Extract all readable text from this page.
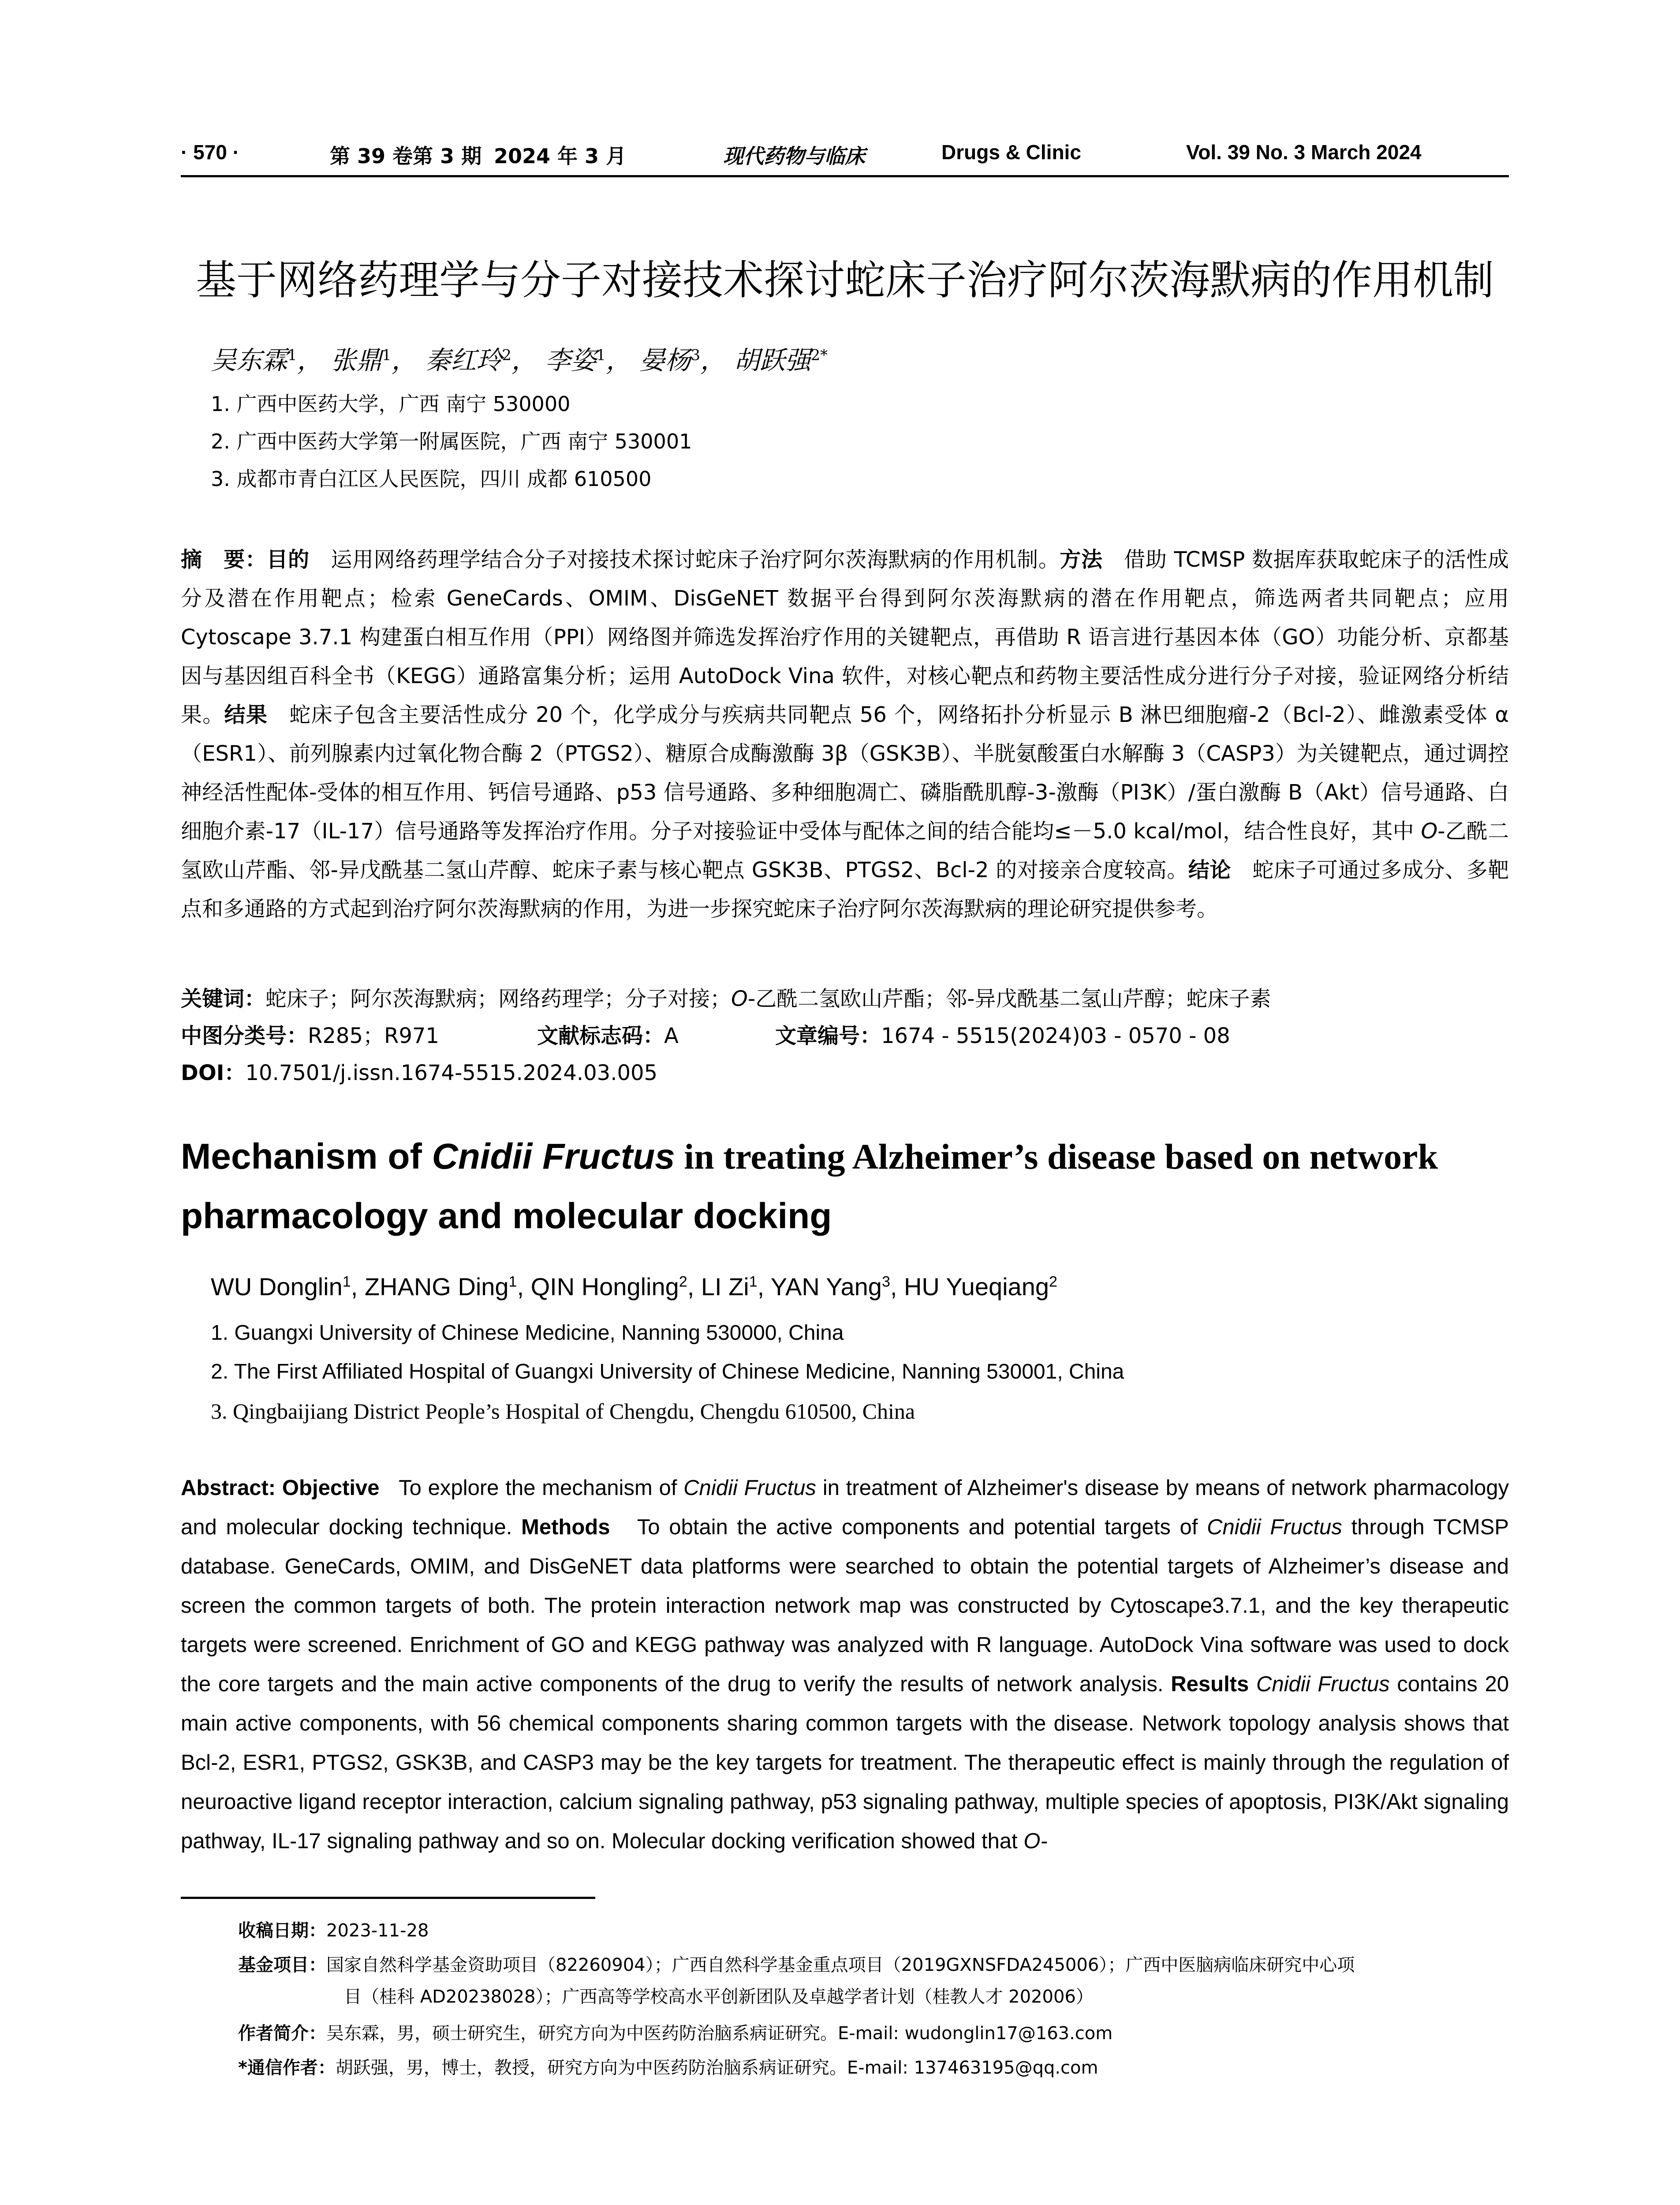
· 570 ·	第 39 卷第 3 期 2024 年 3 月	现代药物与临床	Drugs & Clinic	Vol. 39 No. 3 March 2024
基于网络药理学与分子对接技术探讨蛇床子治疗阿尔茨海默病的作用机制
吴东霖$^1$， 张鼎$^1$， 秦红玲$^2$， 李姿$^1$， 晏杨$^3$， 胡跃强$^{2*}$
1. 广西中医药大学，广西 南宁 530000
2. 广西中医药大学第一附属医院，广西 南宁 530001
3. 成都市青白江区人民医院，四川 成都 610500
摘　要：目的　 运用网络药理学结合分子对接技术探讨蛇床子治疗阿尔茨海默病的作用机制。方法　 借助 TCMSP 数据库获取蛇床子的活性成分及潜在作用靶点；检索 GeneCards、OMIM、DisGeNET 数据平台得到阿尔茨海默病的潜在作用靶点，筛选两者共同靶点；应用 Cytoscape 3.7.1 构建蛋白相互作用（PPI）网络图并筛选发挥治疗作用的关键靶点，再借助 R 语言进行基因本体（GO）功能分析、京都基因与基因组百科全书（KEGG）通路富集分析；运用 AutoDock Vina 软件，对核心靶点和药物主要活性成分进行分子对接，验证网络分析结果。结果　 蛇床子包含主要活性成分 20 个，化学成分与疾病共同靶点 56 个，网络拓扑分析显示 B 淋巴细胞瘤-2（Bcl-2）、雌激素受体 α（ESR1）、前列腺素内过氧化物合酶 2（PTGS2）、糖原合成酶激酶 3β（GSK3B）、半胱氨酸蛋白水解酶 3（CASP3）为关键靶点，通过调控神经活性配体-受体的相互作用、钙信号通路、p53 信号通路、多种细胞凋亡、磷脂酰肌醇-3-激酶（PI3K）/蛋白激酶 B（Akt）信号通路、白细胞介素-17（IL-17）信号通路等发挥治疗作用。分子对接验证中受体与配体之间的结合能均≤－5.0 kcal/mol，结合性良好，其中 O-乙酰二氢欧山芹酯、邻-异戊酰基二氢山芹醇、蛇床子素与核心靶点 GSK3B、PTGS2、Bcl-2 的对接亲合度较高。结论　 蛇床子可通过多成分、多靶点和多通路的方式起到治疗阿尔茨海默病的作用，为进一步探究蛇床子治疗阿尔茨海默病的理论研究提供参考。
关键词：蛇床子；阿尔茨海默病；网络药理学；分子对接；O-乙酰二氢欧山芹酯；邻-异戊酰基二氢山芹醇；蛇床子素
中图分类号：R285；R971	文献标志码：A	文章编号：1674 - 5515(2024)03 - 0570 - 08
DOI：10.7501/j.issn.1674-5515.2024.03.005
Mechanism of Cnidii Fructus in treating Alzheimer’s disease based on network
pharmacology and molecular docking
WU Donglin$^1$, ZHANG Ding$^1$, QIN Hongling$^2$, LI Zi$^1$, YAN Yang$^3$, HU Yueqiang$^2$
1. Guangxi University of Chinese Medicine, Nanning 530000, China
2. The First Affiliated Hospital of Guangxi University of Chinese Medicine, Nanning 530001, China
3. Qingbaijiang District People’s Hospital of Chengdu, Chengdu 610500, China
Abstract: Objective To explore the mechanism of Cnidii Fructus in treatment of Alzheimer's disease by means of network pharmacology and molecular docking technique. Methods To obtain the active components and potential targets of Cnidii Fructus through TCMSP database. GeneCards, OMIM, and DisGeNET data platforms were searched to obtain the potential targets of Alzheimer’s disease and screen the common targets of both. The protein interaction network map was constructed by Cytoscape3.7.1, and the key therapeutic targets were screened. Enrichment of GO and KEGG pathway was analyzed with R language. AutoDock Vina software was used to dock the core targets and the main active components of the drug to verify the results of network analysis. Results Cnidii Fructus contains 20 main active components, with 56 chemical components sharing common targets with the disease. Network topology analysis shows that Bcl-2, ESR1, PTGS2, GSK3B, and CASP3 may be the key targets for treatment. The therapeutic effect is mainly through the regulation of neuroactive ligand receptor interaction, calcium signaling pathway, p53 signaling pathway, multiple species of apoptosis, PI3K/Akt signaling pathway, IL-17 signaling pathway and so on. Molecular docking verification showed that O-
收稿日期：2023-11-28
基金项目：国家自然科学基金资助项目（82260904）；广西自然科学基金重点项目（2019GXNSFDA245006）；广西中医脑病临床研究中心项
目（桂科 AD20238028）；广西高等学校高水平创新团队及卓越学者计划（桂教人才 202006）
作者简介：吴东霖，男，硕士研究生，研究方向为中医药防治脑系病证研究。E-mail: wudonglin17@163.com
*通信作者：胡跃强，男，博士，教授，研究方向为中医药防治脑系病证研究。E-mail: 137463195@qq.com
